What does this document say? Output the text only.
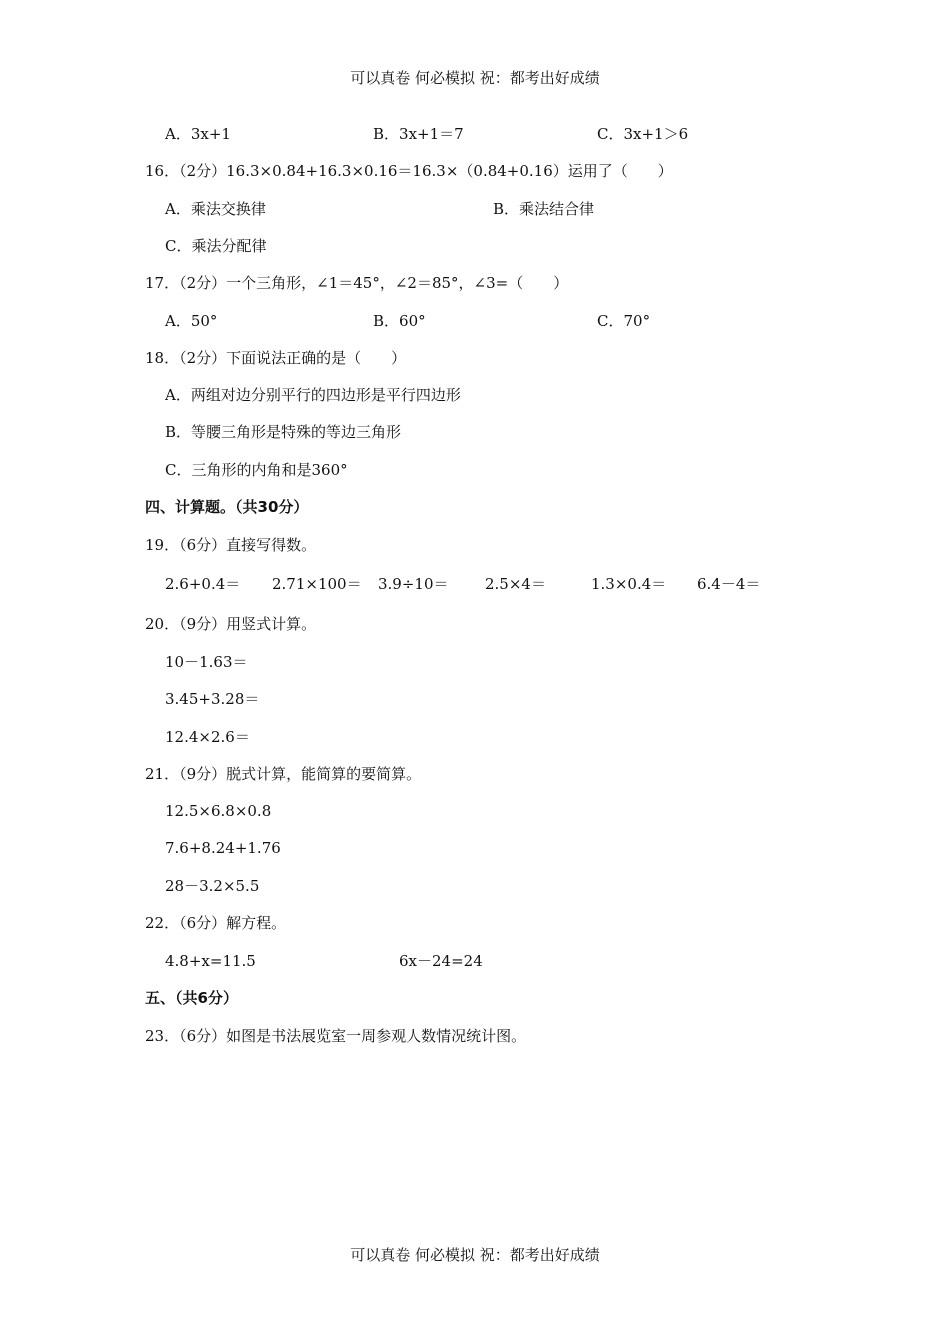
可以真卷 何必模拟 祝：都考出好成绩
A．3x+1	B．3x+1＝7	C．3x+1＞6
16．（2分）16.3×0.84+16.3×0.16＝16.3×（0.84+0.16）运用了（　　）
A．乘法交换律	B．乘法结合律
C．乘法分配律
17．（2分）一个三角形，∠1＝45°，∠2＝85°，∠3=（　　）
A．50°	B．60°	C．70°
18．（2分）下面说法正确的是（　　）
A．两组对边分别平行的四边形是平行四边形
B．等腰三角形是特殊的等边三角形
C．三角形的内角和是360°
四、计算题。（共30分）
19．（6分）直接写得数。
2.6+0.4＝ 2.71×100＝ 3.9÷10＝ 2.5×4＝	1.3×0.4＝ 6.4－4＝
20．（9分）用竖式计算。
10－1.63＝
3.45+3.28＝
12.4×2.6＝
21．（9分）脱式计算，能简算的要简算。
12.5×6.8×0.8
7.6+8.24+1.76
28－3.2×5.5
22．（6分）解方程。
4.8+x=11.5	6x－24=24
五、（共6分）
23．（6分）如图是书法展览室一周参观人数情况统计图。
可以真卷 何必模拟 祝：都考出好成绩
